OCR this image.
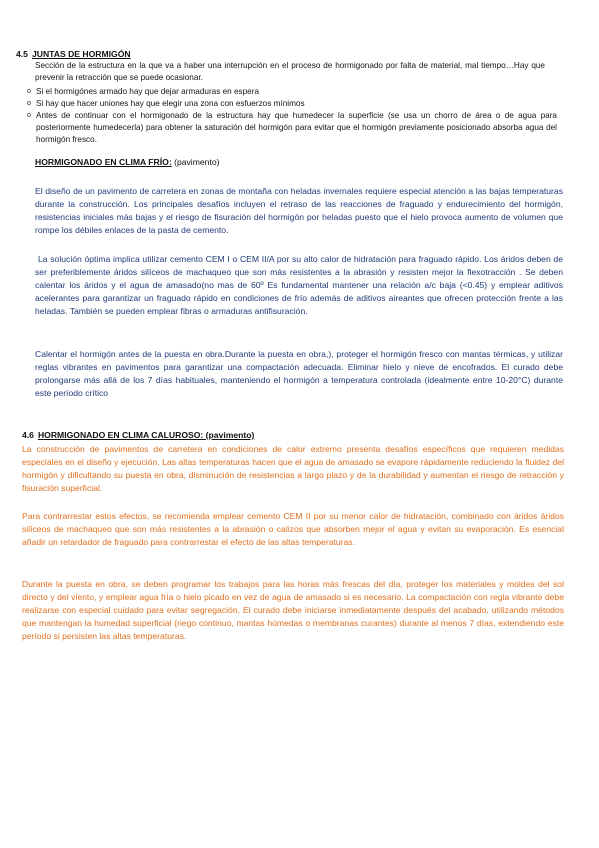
4.5 JUNTAS DE HORMIGÓN

Sección de la estructura en la que va a haber una interrupción en el proceso de hormigonado por falta de material, mal tiempo…Hay que prevenir la retracción que se puede ocasionar.

o Si el hormigónes armado hay que dejar armaduras en espera
o Si hay que hacer uniones hay que elegir una zona con esfuerzos mínimos
o Antes de continuar con el hormigonado de la estructura hay que humedecer la superficie (se usa un chorro de área o de agua para posteriormente humedecerla) para obtener la saturación del hormigón para evitar que el hormigón previamente posicionado absorba agua del hormigón fresco.
HORMIGONADO EN CLIMA FRÍO: (pavimento)

El diseño de un pavimento de carretera en zonas de montaña con heladas invernales requiere especial atención a las bajas temperaturas durante la construcción. Los principales desafíos incluyen el retraso de las reacciones de fraguado y endurecimiento del hormigón, resistencias iniciales más bajas y el riesgo de fisuración del hormigón por heladas puesto que el hielo provoca aumento de volumen que rompe los débiles enlaces de la pasta de cemento.

La solución óptima implica utilizar cemento CEM I o CEM II/A por su alto calor de hidratación para fraguado rápido. Los áridos deben de ser preferiblemente áridos silíceos de machaqueo que son más resistentes a la abrasión y resisten mejor la flexotracción . Se deben calentar los áridos y el agua de amasado(no mas de 60º Es fundamental mantener una relación a/c baja (<0.45) y emplear aditivos acelerantes para garantizar un fraguado rápido en condiciones de frío además de aditivos aireantes que ofrecen protección frente a las heladas. También se pueden emplear fibras o armaduras antifisuración.

Calentar el hormigón antes de la puesta en obra.Durante la puesta en obra,), proteger el hormigón fresco con mantas térmicas, y utilizar reglas vibrantes en pavimentos para garantizar una compactación adecuada. Eliminar hielo y nieve de encofrados. El curado debe prolongarse más allá de los 7 días habituales, manteniendo el hormigón a temperatura controlada (idealmente entre 10-20°C) durante este período crítico

4.6 HORMIGONADO EN CLIMA CALUROSO: (pavimento)

La construcción de pavimentos de carretera en condiciones de calor extremo presenta desafíos específicos que requieren medidas especiales en el diseño y ejecución. Las altas temperaturas hacen que el agua de amasado se evapore rápidamente reduciendo la fluidez del hormigón y dificultando su puesta en obra, disminución de resistencias a largo plazo y de la durabilidad y aumentan el riesgo de retracción y fisuración superficial.

Para contrarrestar estos efectos, se recomienda emplear cemento CEM II por su menor calor de hidratación, combinado con áridos áridos silíceos de machaqueo que son más resistentes a la abrasión o calizos que absorben mejor el agua y evitan su evaporación. Es esencial añadir un retardador de fraguado para contrarrestar el efecto de las altas temperaturas.

Durante la puesta en obra, se deben programar los trabajos para las horas más frescas del día, proteger los materiales y moldes del sol directo y del viento, y emplear agua fría o hielo picado en vez de agua de amasado si es necesario. La compactación con regla vibrante debe realizarse con especial cuidado para evitar segregación. El curado debe iniciarse inmediatamente después del acabado, utilizando métodos que mantengan la humedad superficial (riego continuo, mantas húmedas o membranas curantes) durante al menos 7 días, extendiendo este período si persisten las altas temperaturas.
